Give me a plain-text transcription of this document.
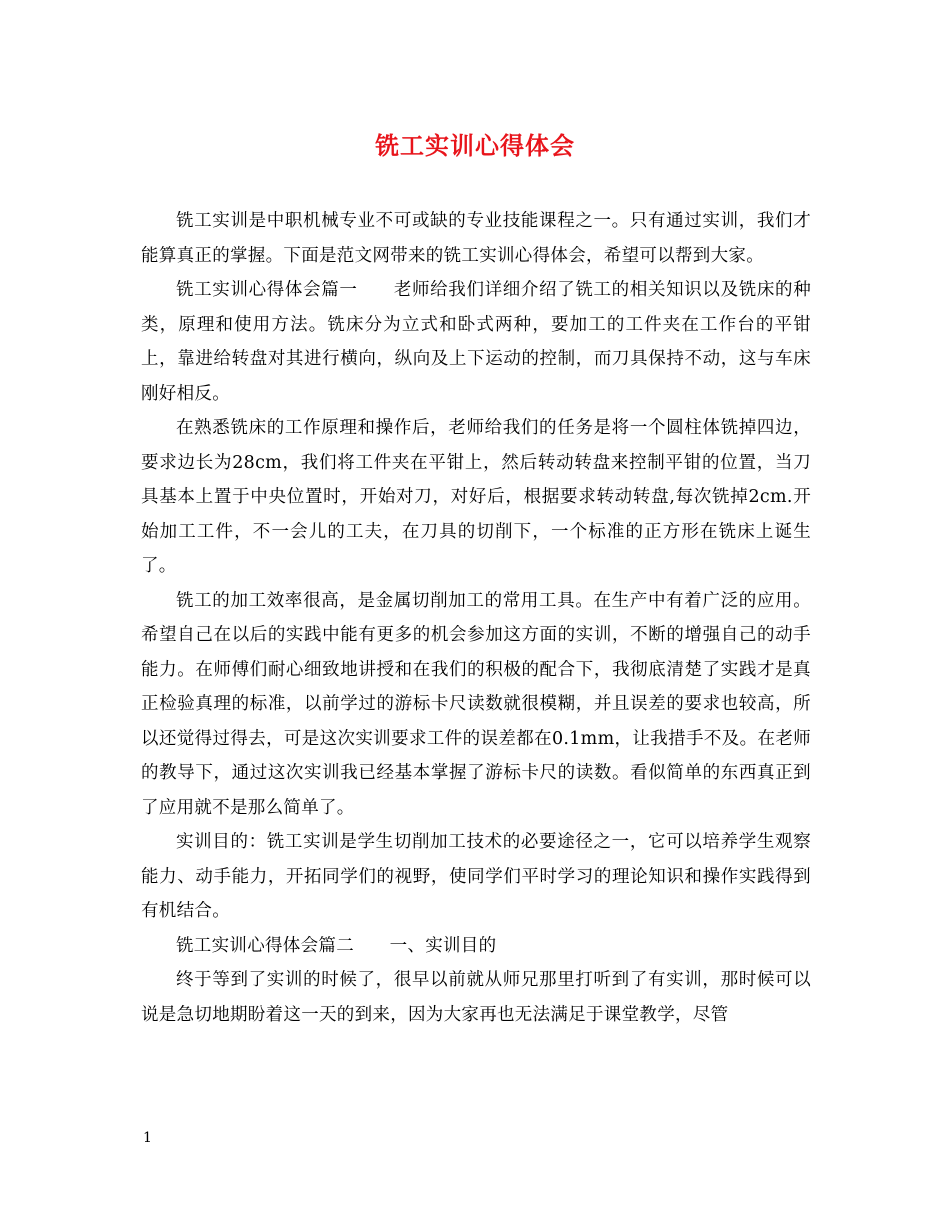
铣工实训心得体会

铣工实训是中职机械专业不可或缺的专业技能课程之一。只有通过实训，我们才能算真正的掌握。下面是范文网带来的铣工实训心得体会，希望可以帮到大家。

铣工实训心得体会篇一　　老师给我们详细介绍了铣工的相关知识以及铣床的种类，原理和使用方法。铣床分为立式和卧式两种，要加工的工件夹在工作台的平钳上，靠进给转盘对其进行横向，纵向及上下运动的控制，而刀具保持不动，这与车床刚好相反。

在熟悉铣床的工作原理和操作后，老师给我们的任务是将一个圆柱体铣掉四边，要求边长为28cm，我们将工件夹在平钳上，然后转动转盘来控制平钳的位置，当刀具基本上置于中央位置时，开始对刀，对好后，根据要求转动转盘,每次铣掉2cm.开始加工工件，不一会儿的工夫，在刀具的切削下，一个标准的正方形在铣床上诞生了。

铣工的加工效率很高，是金属切削加工的常用工具。在生产中有着广泛的应用。希望自己在以后的实践中能有更多的机会参加这方面的实训，不断的增强自己的动手能力。在师傅们耐心细致地讲授和在我们的积极的配合下，我彻底清楚了实践才是真正检验真理的标准，以前学过的游标卡尺读数就很模糊，并且误差的要求也较高，所以还觉得过得去，可是这次实训要求工件的误差都在0.1mm，让我措手不及。在老师的教导下，通过这次实训我已经基本掌握了游标卡尺的读数。看似简单的东西真正到了应用就不是那么简单了。

实训目的：铣工实训是学生切削加工技术的必要途径之一，它可以培养学生观察能力、动手能力，开拓同学们的视野，使同学们平时学习的理论知识和操作实践得到有机结合。

铣工实训心得体会篇二　　一、实训目的

终于等到了实训的时候了，很早以前就从师兄那里打听到了有实训，那时候可以说是急切地期盼着这一天的到来，因为大家再也无法满足于课堂教学，尽管

1
